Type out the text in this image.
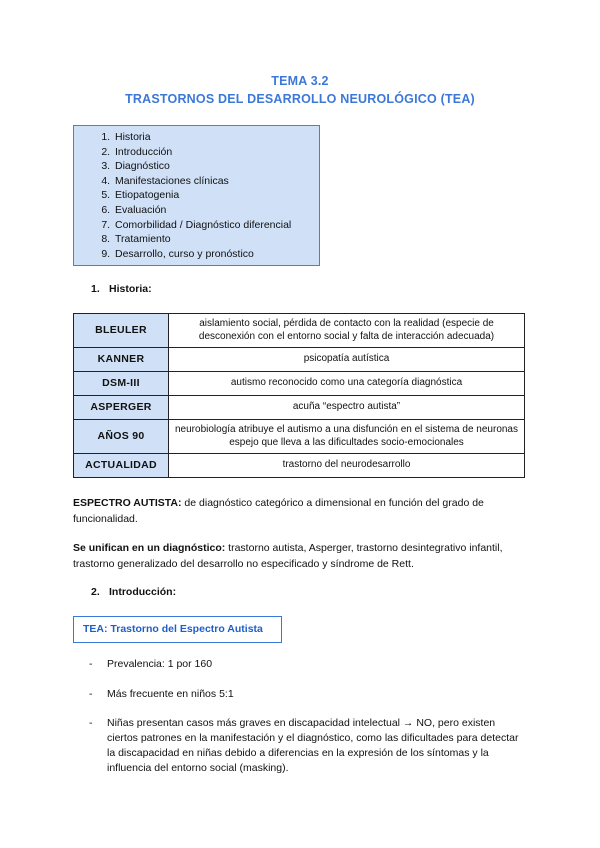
TEMA 3.2
TRASTORNOS DEL DESARROLLO NEUROLÓGICO (TEA)
1. Historia
2. Introducción
3. Diagnóstico
4. Manifestaciones clínicas
5. Etiopatogenia
6. Evaluación
7. Comorbilidad / Diagnóstico diferencial
8. Tratamiento
9. Desarrollo, curso y pronóstico
1. Historia:
BLEULER	aislamiento social, pérdida de contacto con la realidad (especie de desconexión con el entorno social y falta de interacción adecuada)
KANNER	psicopatía autística
DSM-III	autismo reconocido como una categoría diagnóstica
ASPERGER	acuña “espectro autista”
AÑOS 90	neurobiología atribuye el autismo a una disfunción en el sistema de neuronas espejo que lleva a las dificultades socio-emocionales
ACTUALIDAD	trastorno del neurodesarrollo
ESPECTRO AUTISTA: de diagnóstico categórico a dimensional en función del grado de funcionalidad.
Se unifican en un diagnóstico: trastorno autista, Asperger, trastorno desintegrativo infantil, trastorno generalizado del desarrollo no especificado y síndrome de Rett.
2. Introducción:
TEA: Trastorno del Espectro Autista
- Prevalencia: 1 por 160
- Más frecuente en niños 5:1
- Niñas presentan casos más graves en discapacidad intelectual → NO, pero existen ciertos patrones en la manifestación y el diagnóstico, como las dificultades para detectar la discapacidad en niñas debido a diferencias en la expresión de los síntomas y la influencia del entorno social (masking).
